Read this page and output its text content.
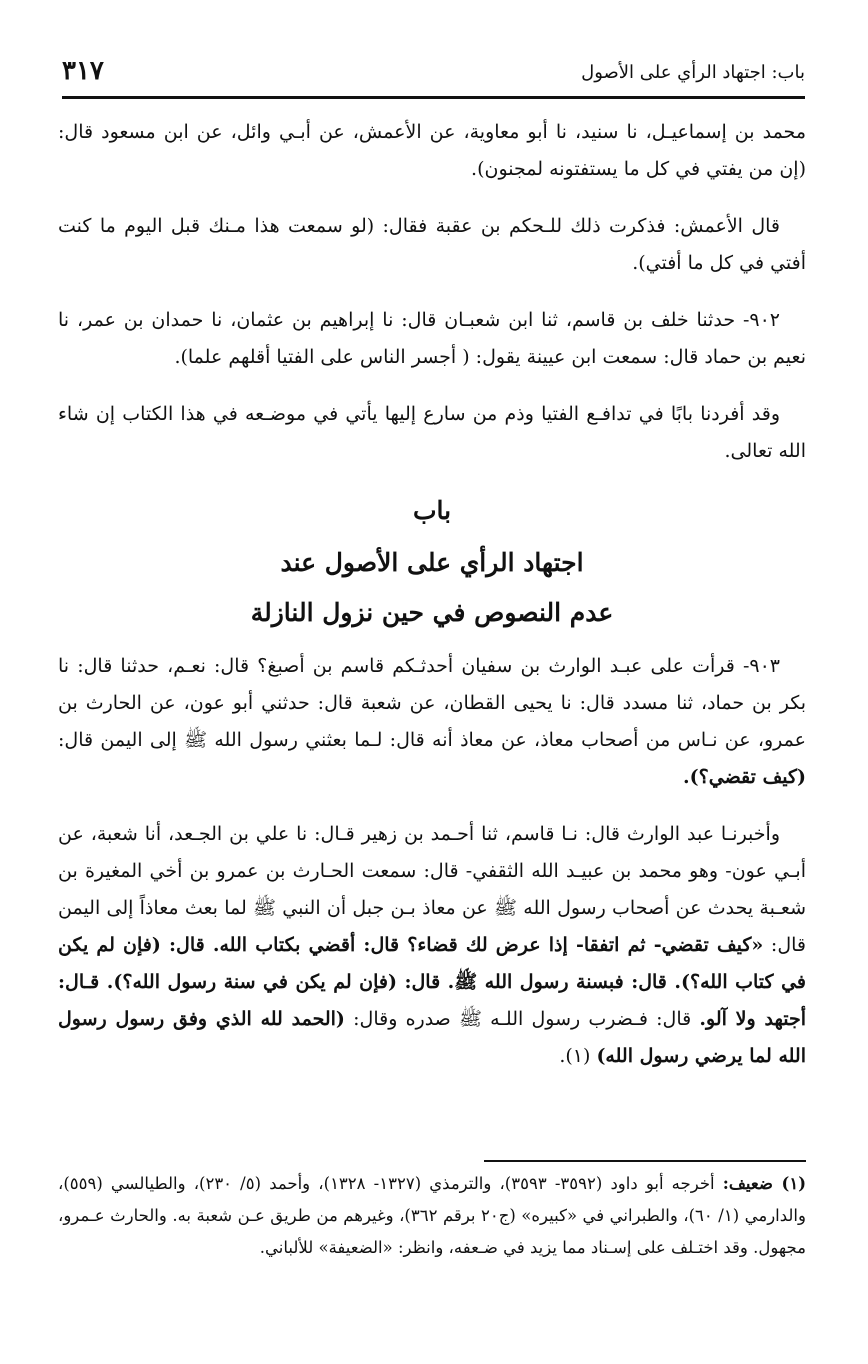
باب: اجتهاد الرأي على الأصول
٣١٧

محمد بن إسماعيـل، نا سنيد، نا أبو معاوية، عن الأعمش، عن أبـي وائل، عن ابن مسعود قال: (إن من يفتي في كل ما يستفتونه لمجنون).

قال الأعمش: فذكرت ذلك للـحكم بن عقبة فقال: (لو سمعت هذا مـنك قبل اليوم ما كنت أفتي في كل ما أفتي).

٩٠٢- حدثنا خلف بن قاسم، ثنا ابن شعبـان قال: نا إبراهيم بن عثمان، نا حمدان بن عمر، نا نعيم بن حماد قال: سمعت ابن عيينة يقول: ( أجسر الناس على الفتيا أقلهم علما).

وقد أفردنا بابًا في تدافـع الفتيا وذم من سارع إليها يأتي في موضـعه في هذا الكتاب إن شاء الله تعالى.

باب

اجتهاد الرأي على الأصول عند

عدم النصوص في حين نزول النازلة

٩٠٣- قرأت على عبـد الوارث بن سفيان أحدثـكم قاسم بن أصبغ؟ قال: نعـم، حدثنا قال: نا بكر بن حماد، ثنا مسدد قال: نا يحيى القطان، عن شعبة قال: حدثني أبو عون، عن الحارث بن عمرو، عن نـاس من أصحاب معاذ، عن معاذ أنه قال: لـما بعثني رسول الله ﷺ إلى اليمن قال: (كيف تقضي؟).

وأخبرنـا عبد الوارث قال: نـا قاسم، ثنا أحـمد بن زهير قـال: نا علي بن الجـعد، أنا شعبة، عن أبـي عون- وهو محمد بن عبيـد الله الثقفي- قال: سمعت الحـارث بن عمرو بن أخي المغيرة بن شعـبة يحدث عن أصحاب رسول الله ﷺ عن معاذ بـن جبل أن النبي ﷺ لما بعث معاذاً إلى اليمن قال: «كيف تقضي- ثم اتفقا- إذا عرض لك قضاء؟ قال: أقضي بكتاب الله. قال: (فإن لم يكن في كتاب الله؟). قال: فبسنة رسول الله ﷺ. قال: (فإن لم يكن في سنة رسول الله؟). قـال: أجتهد ولا آلو. قال: فـضرب رسول اللـه ﷺ صدره وقال: (الحمد لله الذي وفق رسول رسول الله لما يرضي رسول الله) (١).

(١) ضعيف: أخرجه أبو داود (٣٥٩٢- ٣٥٩٣)، والترمذي (١٣٢٧- ١٣٢٨)، وأحمد (٥/ ٢٣٠)، والطيالسي (٥٥٩)، والدارمي (١/ ٦٠)، والطبراني في «كبيره» (ج٢٠ برقم ٣٦٢)، وغيرهم من طريق عـن شعبة به. والحارث عـمرو، مجهول. وقد اختـلف على إسـناد مما يزيد في ضـعفه، وانظر: «الضعيفة» للألباني.
